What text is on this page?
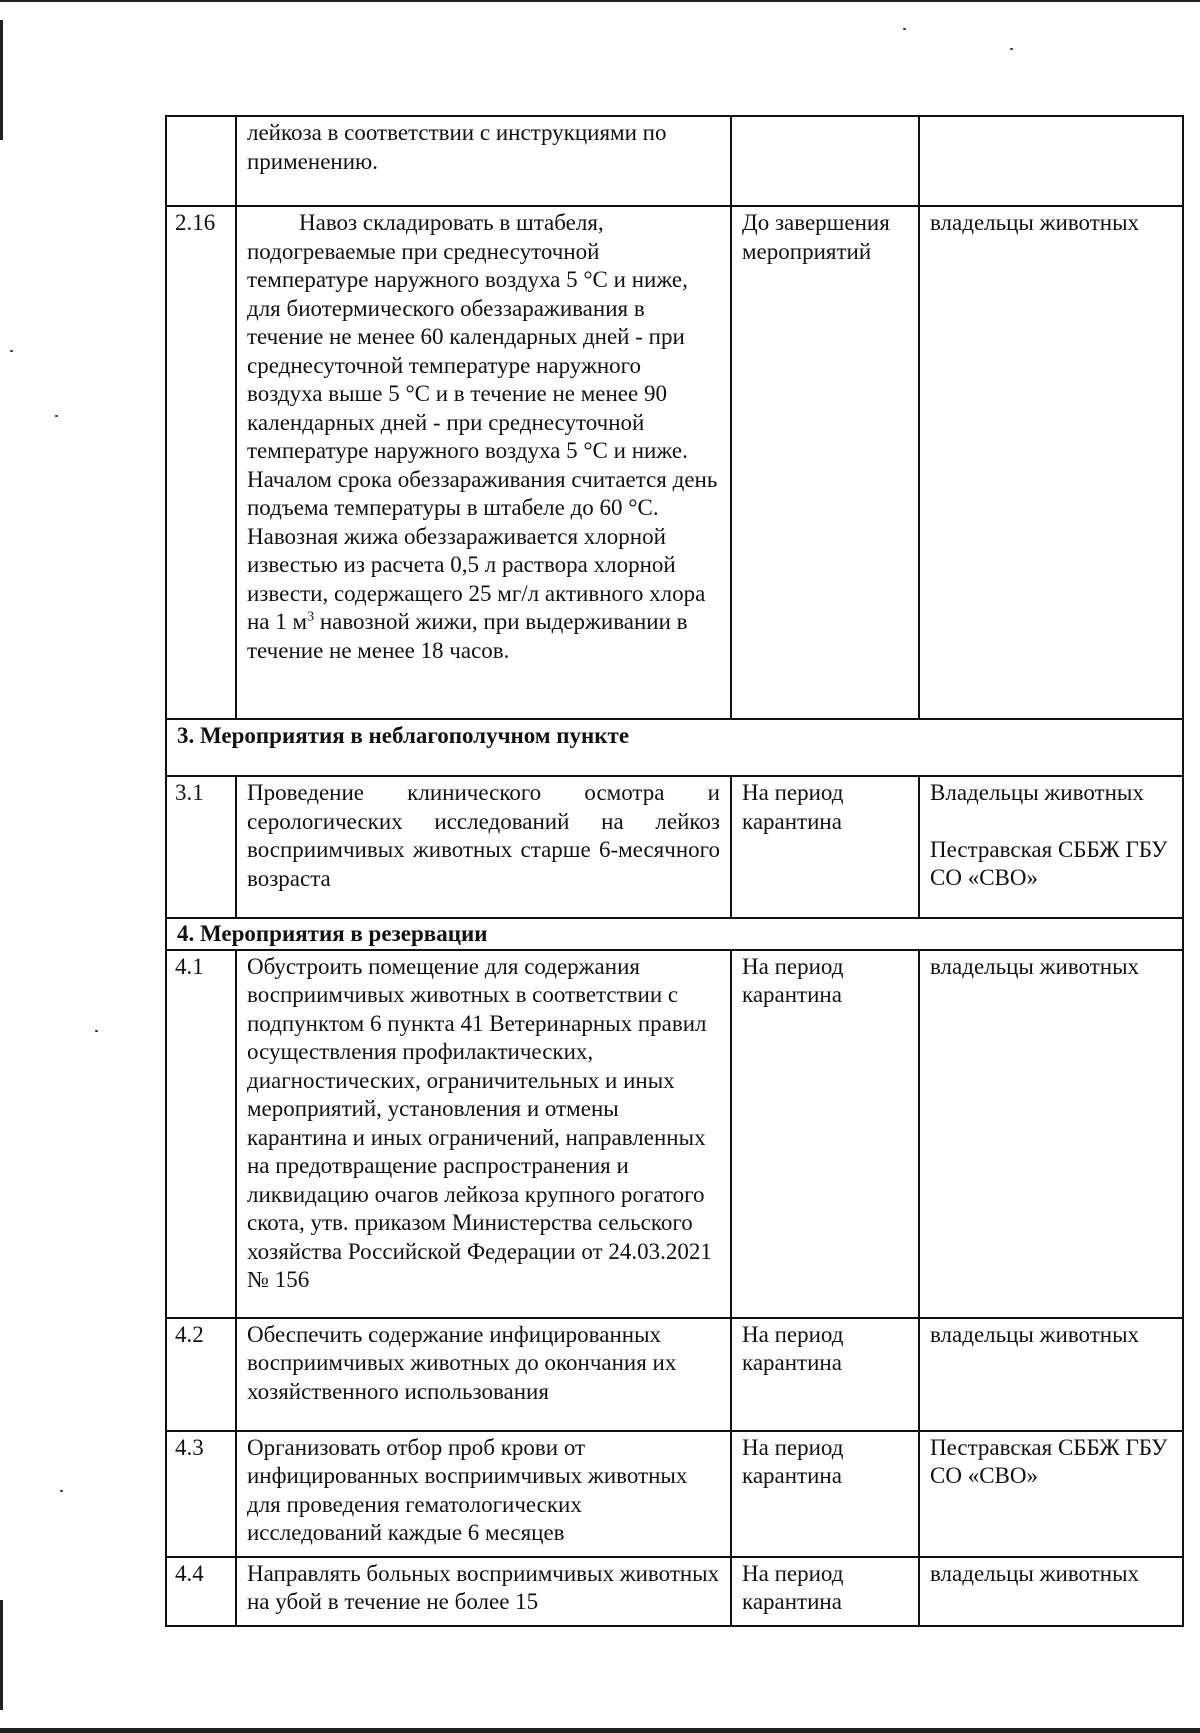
	лейкоза в соответствии с инструкциями по применению.		
2.16	Навоз складировать в штабеля, подогреваемые при среднесуточной температуре наружного воздуха 5 °С и ниже, для биотермического обеззараживания в течение не менее 60 календарных дней - при среднесуточной температуре наружного воздуха выше 5 °С и в течение не менее 90 календарных дней - при среднесуточной температуре наружного воздуха 5 °С и ниже. Началом срока обеззараживания считается день подъема температуры в штабеле до 60 °С. Навозная жижа обеззараживается хлорной известью из расчета 0,5 л раствора хлорной извести, содержащего 25 мг/л активного хлора на 1 $м^3$ навозной жижи, при выдерживании в течение не менее 18 часов.	До завершения мероприятий	владельцы животных
3. Мероприятия в неблагополучном пункте			
3.1	Проведение клинического осмотра и серологических исследований на лейкоз восприимчивых животных старше 6-месячного возраста	На период карантина	Владельцы животных
Пестравская СББЖ ГБУ СО «СВО»

4. Мероприятия в резервации			
4.1	Обустроить помещение для содержания восприимчивых животных в соответствии с подпунктом 6 пункта 41 Ветеринарных правил осуществления профилактических, диагностических, ограничительных и иных мероприятий, установления и отмены карантина и иных ограничений, направленных на предотвращение распространения и ликвидацию очагов лейкоза крупного рогатого скота, утв. приказом Министерства сельского хозяйства Российской Федерации от 24.03.2021 № 156	На период карантина	владельцы животных
4.2	Обеспечить содержание инфицированных восприимчивых животных до окончания их хозяйственного использования	На период карантина	владельцы животных
4.3	Организовать отбор проб крови от инфицированных восприимчивых животных для проведения гематологических исследований каждые 6 месяцев	На период карантина	Пестравская СББЖ ГБУ СО «СВО»
4.4	Направлять больных восприимчивых животных на убой в течение не более 15	На период карантина	владельцы животных
